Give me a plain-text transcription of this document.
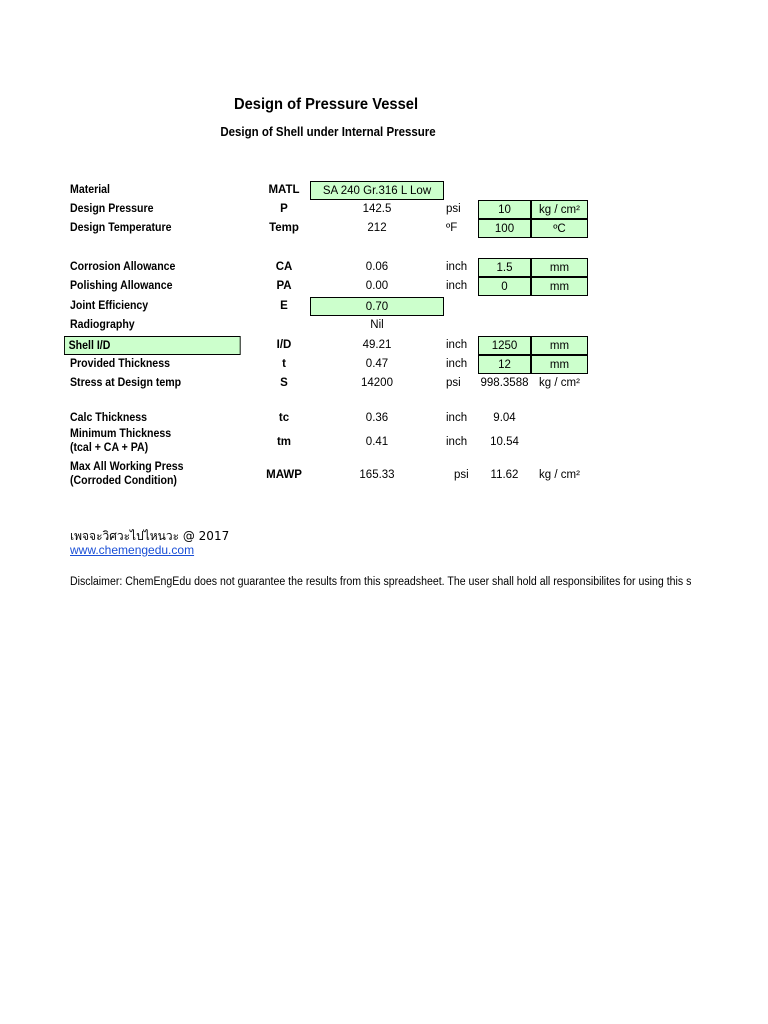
Design of Pressure Vessel
Design of Shell under Internal Pressure
Material	MATL	SA 240 Gr.316 L Low
Design Pressure	P	142.5	psi	10	kg / cm²
Design Temperature	Temp	212	ºF	100	ºC
Corrosion Allowance	CA	0.06	inch	1.5	mm
Polishing Allowance	PA	0.00	inch	0	mm
Joint Efficiency	E	0.70
Radiography	Nil
Shell I/D	I/D	49.21	inch	1250	mm
Provided Thickness	t	0.47	inch	12	mm
Stress at Design temp	S	14200	psi	998.3588 kg / cm²
Calc Thickness	tc	0.36	inch	9.04
Minimum Thickness
(tcal + CA + PA)	tm	0.41	inch	10.54
Max All Working Press
(Corroded Condition)	MAWP	165.33	psi	11.62	kg / cm²
เพจจะวิศวะไปไหนวะ @ 2017
www.chemengedu.com
Disclaimer: ChemEngEdu does not guarantee the results from this spreadsheet. The user shall hold all responsibilites for using this s
